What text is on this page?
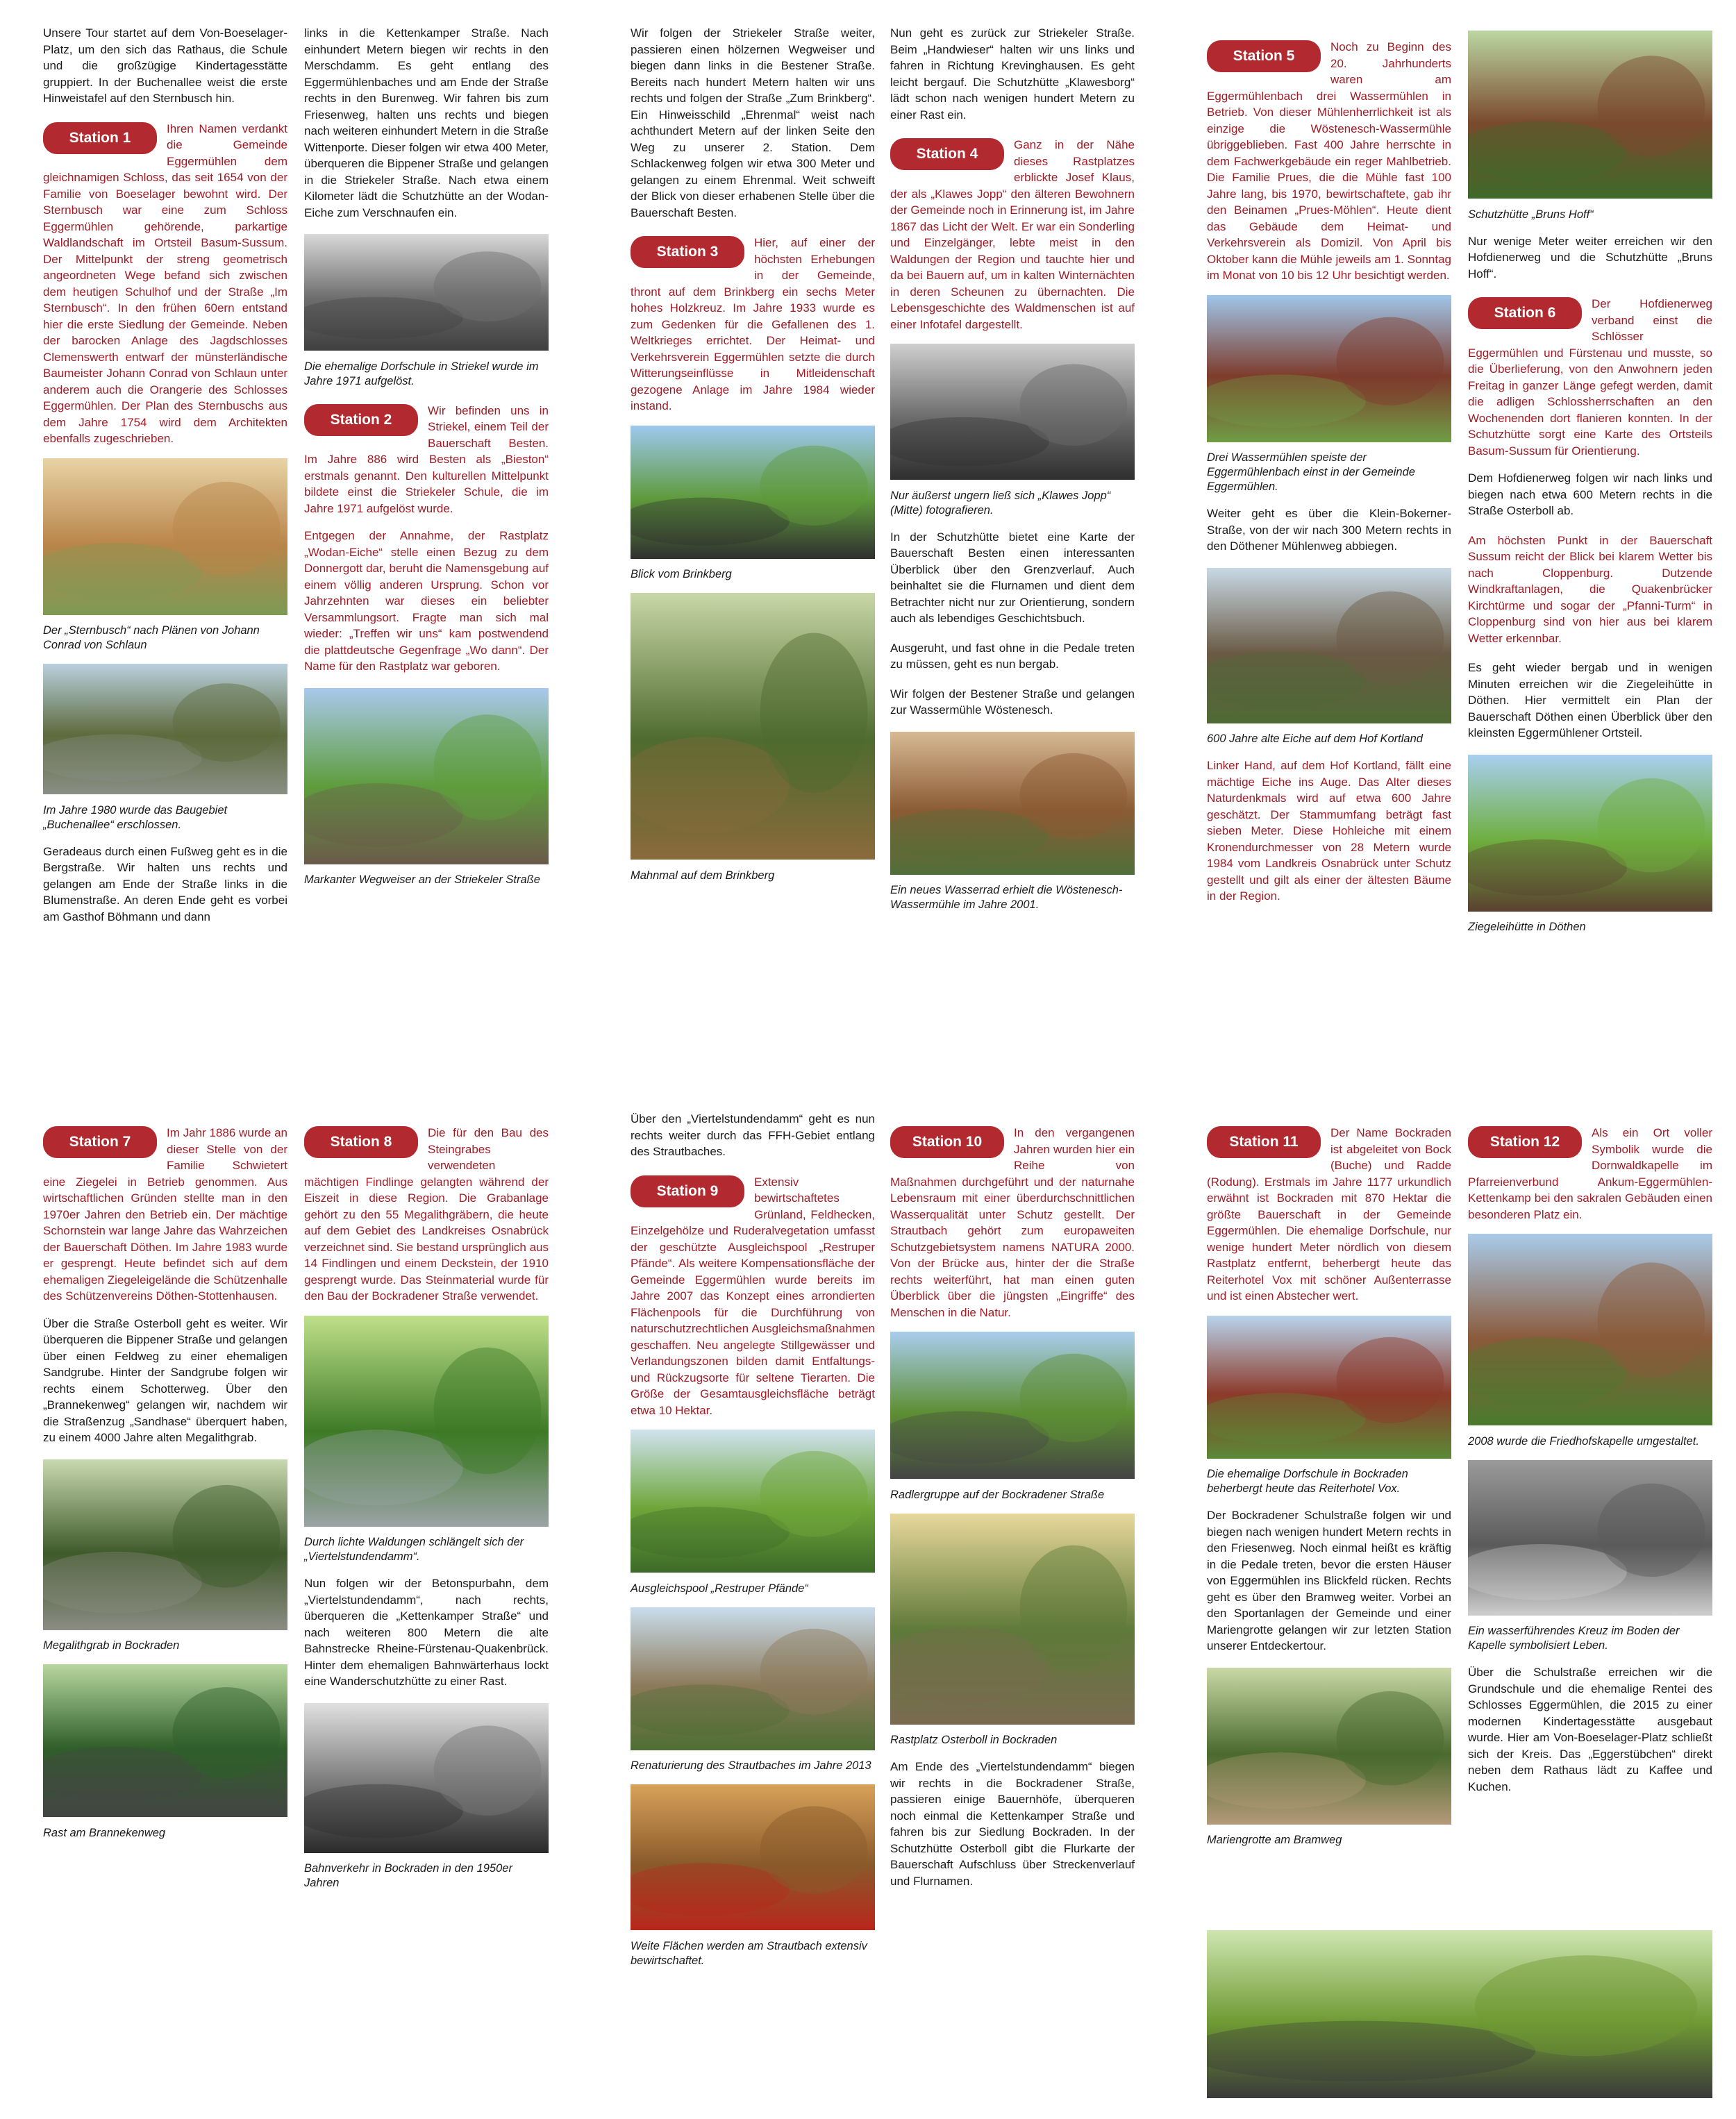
Unsere Tour startet auf dem Von-Boeselager-Platz, um den sich das Rathaus, die Schule und die großzügige Kindertagesstätte gruppiert. In der Buchenallee weist die erste Hinweistafel auf den Sternbusch hin.

Station 1
Ihren Namen verdankt die Gemeinde Eggermühlen dem gleichnamigen Schloss, das seit 1654 von der Familie von Boeselager bewohnt wird. Der Sternbusch war eine zum Schloss Eggermühlen gehörende, parkartige Waldlandschaft im Ortsteil Basum-Sussum. Der Mittelpunkt der streng geometrisch angeordneten Wege befand sich zwischen dem heutigen Schulhof und der Straße „Im Sternbusch“. In den frühen 60ern entstand hier die erste Siedlung der Gemeinde. Neben der barocken Anlage des Jagdschlosses Clemenswerth entwarf der münsterländische Baumeister Johann Conrad von Schlaun unter anderem auch die Orangerie des Schlosses Eggermühlen. Der Plan des Sternbuschs aus dem Jahre 1754 wird dem Architekten ebenfalls zugeschrieben.

Der „Sternbusch“ nach Plänen von Johann Conrad von Schlaun

Im Jahre 1980 wurde das Baugebiet „Buchenallee“ erschlossen.

Geradeaus durch einen Fußweg geht es in die Bergstraße. Wir halten uns rechts und gelangen am Ende der Straße links in die Blumenstraße. An deren Ende geht es vorbei am Gasthof Böhmann und dann

links in die Kettenkamper Straße. Nach einhundert Metern biegen wir rechts in den Merschdamm. Es geht entlang des Eggermühlenbaches und am Ende der Straße rechts in den Burenweg. Wir fahren bis zum Friesenweg, halten uns rechts und biegen nach weiteren einhundert Metern in die Straße Wittenporte. Dieser folgen wir etwa 400 Meter, überqueren die Bippener Straße und gelangen in die Striekeler Straße. Nach etwa einem Kilometer lädt die Schutzhütte an der Wodan-Eiche zum Verschnaufen ein.

Die ehemalige Dorfschule in Striekel wurde im Jahre 1971 aufgelöst.

Station 2
Wir befinden uns in Striekel, einem Teil der Bauerschaft Besten. Im Jahre 886 wird Besten als „Bieston“ erstmals genannt. Den kulturellen Mittelpunkt bildete einst die Striekeler Schule, die im Jahre 1971 aufgelöst wurde.

Entgegen der Annahme, der Rastplatz „Wodan-Eiche“ stelle einen Bezug zu dem Donnergott dar, beruht die Namensgebung auf einem völlig anderen Ursprung. Schon vor Jahrzehnten war dieses ein beliebter Versammlungsort. Fragte man sich mal wieder: „Treffen wir uns“ kam postwendend die plattdeutsche Gegenfrage „Wo dann“. Der Name für den Rastplatz war geboren.

Markanter Wegweiser an der Striekeler Straße

Wir folgen der Striekeler Straße weiter, passieren einen hölzernen Wegweiser und biegen dann links in die Bestener Straße. Bereits nach hundert Metern halten wir uns rechts und folgen der Straße „Zum Brinkberg“. Ein Hinweisschild „Ehrenmal“ weist nach achthundert Metern auf der linken Seite den Weg zu unserer 2. Station. Dem Schlackenweg folgen wir etwa 300 Meter und gelangen zu einem Ehrenmal. Weit schweift der Blick von dieser erhabenen Stelle über die Bauerschaft Besten.

Station 3
Hier, auf einer der höchsten Erhebungen in der Gemeinde, thront auf dem Brinkberg ein sechs Meter hohes Holzkreuz. Im Jahre 1933 wurde es zum Gedenken für die Gefallenen des 1. Weltkrieges errichtet. Der Heimat- und Verkehrsverein Eggermühlen setzte die durch Witterungseinflüsse in Mitleidenschaft gezogene Anlage im Jahre 1984 wieder instand.

Blick vom Brinkberg

Mahnmal auf dem Brinkberg

Nun geht es zurück zur Striekeler Straße. Beim „Handwieser“ halten wir uns links und fahren in Richtung Krevinghausen. Es geht leicht bergauf. Die Schutzhütte „Klawesborg“ lädt schon nach wenigen hundert Metern zu einer Rast ein.

Station 4
Ganz in der Nähe dieses Rastplatzes erblickte Josef Klaus, der als „Klawes Jopp“ den älteren Bewohnern der Gemeinde noch in Erinnerung ist, im Jahre 1867 das Licht der Welt. Er war ein Sonderling und Einzelgänger, lebte meist in den Waldungen der Region und tauchte hier und da bei Bauern auf, um in kalten Winternächten in deren Scheunen zu übernachten. Die Lebensgeschichte des Waldmenschen ist auf einer Infotafel dargestellt.

Nur äußerst ungern ließ sich „Klawes Jopp“ (Mitte) fotografieren.

In der Schutzhütte bietet eine Karte der Bauerschaft Besten einen interessanten Überblick über den Grenzverlauf. Auch beinhaltet sie die Flurnamen und dient dem Betrachter nicht nur zur Orientierung, sondern auch als lebendiges Geschichtsbuch.

Ausgeruht, und fast ohne in die Pedale treten zu müssen, geht es nun bergab.

Wir folgen der Bestener Straße und gelangen zur Wassermühle Wöstenesch.

Ein neues Wasserrad erhielt die Wöstenesch-Wassermühle im Jahre 2001.

Station 5
Noch zu Beginn des 20. Jahrhunderts waren am Eggermühlenbach drei Wassermühlen in Betrieb. Von dieser Mühlenherrlichkeit ist als einzige die Wöstenesch-Wassermühle übriggeblieben. Fast 400 Jahre herrschte in dem Fachwerkgebäude ein reger Mahlbetrieb. Die Familie Prues, die die Mühle fast 100 Jahre lang, bis 1970, bewirtschaftete, gab ihr den Beinamen „Prues-Möhlen“. Heute dient das Gebäude dem Heimat- und Verkehrsverein als Domizil. Von April bis Oktober kann die Mühle jeweils am 1. Sonntag im Monat von 10 bis 12 Uhr besichtigt werden.

Drei Wassermühlen speiste der Eggermühlenbach einst in der Gemeinde Eggermühlen.

Weiter geht es über die Klein-Bokerner-Straße, von der wir nach 300 Metern rechts in den Döthener Mühlenweg abbiegen.

600 Jahre alte Eiche auf dem Hof Kortland

Linker Hand, auf dem Hof Kortland, fällt eine mächtige Eiche ins Auge. Das Alter dieses Naturdenkmals wird auf etwa 600 Jahre geschätzt. Der Stammumfang beträgt fast sieben Meter. Diese Hohleiche mit einem Kronendurchmesser von 28 Metern wurde 1984 vom Landkreis Osnabrück unter Schutz gestellt und gilt als einer der ältesten Bäume in der Region.

Schutzhütte „Bruns Hoff“

Nur wenige Meter weiter erreichen wir den Hofdienerweg und die Schutzhütte „Bruns Hoff“.

Station 6
Der Hofdienerweg verband einst die Schlösser Eggermühlen und Fürstenau und musste, so die Überlieferung, von den Anwohnern jeden Freitag in ganzer Länge gefegt werden, damit die adligen Schlossherrschaften an den Wochenenden dort flanieren konnten. In der Schutzhütte sorgt eine Karte des Ortsteils Basum-Sussum für Orientierung.

Dem Hofdienerweg folgen wir nach links und biegen nach etwa 600 Metern rechts in die Straße Osterboll ab.

Am höchsten Punkt in der Bauerschaft Sussum reicht der Blick bei klarem Wetter bis nach Cloppenburg. Dutzende Windkraftanlagen, die Quakenbrücker Kirchtürme und sogar der „Pfanni-Turm“ in Cloppenburg sind von hier aus bei klarem Wetter erkennbar.

Es geht wieder bergab und in wenigen Minuten erreichen wir die Ziegeleihütte in Döthen. Hier vermittelt ein Plan der Bauerschaft Döthen einen Überblick über den kleinsten Eggermühlener Ortsteil.

Ziegeleihütte in Döthen

Station 7
Im Jahr 1886 wurde an dieser Stelle von der Familie Schwietert eine Ziegelei in Betrieb genommen. Aus wirtschaftlichen Gründen stellte man in den 1970er Jahren den Betrieb ein. Der mächtige Schornstein war lange Jahre das Wahrzeichen der Bauerschaft Döthen. Im Jahre 1983 wurde er gesprengt. Heute befindet sich auf dem ehemaligen Ziegeleigelände die Schützenhalle des Schützenvereins Döthen-Stottenhausen.

Über die Straße Osterboll geht es weiter. Wir überqueren die Bippener Straße und gelangen über einen Feldweg zu einer ehemaligen Sandgrube. Hinter der Sandgrube folgen wir rechts einem Schotterweg. Über den „Brannekenweg“ gelangen wir, nachdem wir die Straßenzug „Sandhase“ überquert haben, zu einem 4000 Jahre alten Megalithgrab.

Megalithgrab in Bockraden

Rast am Brannekenweg

Station 8
Die für den Bau des Steingrabes verwendeten mächtigen Findlinge gelangten während der Eiszeit in diese Region. Die Grabanlage gehört zu den 55 Megalithgräbern, die heute auf dem Gebiet des Landkreises Osnabrück verzeichnet sind. Sie bestand ursprünglich aus 14 Findlingen und einem Deckstein, der 1910 gesprengt wurde. Das Steinmaterial wurde für den Bau der Bockradener Straße verwendet.

Durch lichte Waldungen schlängelt sich der „Viertelstundendamm“.

Nun folgen wir der Betonspurbahn, dem „Viertelstundendamm“, nach rechts, überqueren die „Kettenkamper Straße“ und nach weiteren 800 Metern die alte Bahnstrecke Rheine-Fürstenau-Quakenbrück. Hinter dem ehemaligen Bahnwärterhaus lockt eine Wanderschutzhütte zu einer Rast.

Bahnverkehr in Bockraden in den 1950er Jahren

Über den „Viertelstundendamm“ geht es nun rechts weiter durch das FFH-Gebiet entlang des Strautbaches.

Station 9
Extensiv bewirtschaftetes Grünland, Feldhecken, Einzelgehölze und Ruderalvegetation umfasst der geschützte Ausgleichspool „Restruper Pfände“. Als weitere Kompensationsfläche der Gemeinde Eggermühlen wurde bereits im Jahre 2007 das Konzept eines arrondierten Flächenpools für die Durchführung von naturschutzrechtlichen Ausgleichsmaßnahmen geschaffen. Neu angelegte Stillgewässer und Verlandungszonen bilden damit Entfaltungs- und Rückzugsorte für seltene Tierarten. Die Größe der Gesamtausgleichsfläche beträgt etwa 10 Hektar.

Ausgleichspool „Restruper Pfände“

Renaturierung des Strautbaches im Jahre 2013

Weite Flächen werden am Strautbach extensiv bewirtschaftet.

Station 10
In den vergangenen Jahren wurden hier ein Reihe von Maßnahmen durchgeführt und der naturnahe Lebensraum mit einer überdurchschnittlichen Wasserqualität unter Schutz gestellt. Der Strautbach gehört zum europaweiten Schutzgebietsystem namens NATURA 2000. Von der Brücke aus, hinter der die Straße rechts weiterführt, hat man einen guten Überblick über die jüngsten „Eingriffe“ des Menschen in die Natur.

Radlergruppe auf der Bockradener Straße

Rastplatz Osterboll in Bockraden

Am Ende des „Viertelstundendamm“ biegen wir rechts in die Bockradener Straße, passieren einige Bauernhöfe, überqueren noch einmal die Kettenkamper Straße und fahren bis zur Siedlung Bockraden. In der Schutzhütte Osterboll gibt die Flurkarte der Bauerschaft Aufschluss über Streckenverlauf und Flurnamen.

Station 11
Der Name Bockraden ist abgeleitet von Bock (Buche) und Radde (Rodung). Erstmals im Jahre 1177 urkundlich erwähnt ist Bockraden mit 870 Hektar die größte Bauerschaft in der Gemeinde Eggermühlen. Die ehemalige Dorfschule, nur wenige hundert Meter nördlich von diesem Rastplatz entfernt, beherbergt heute das Reiterhotel Vox mit schöner Außenterrasse und ist einen Abstecher wert.

Die ehemalige Dorfschule in Bockraden beherbergt heute das Reiterhotel Vox.

Der Bockradener Schulstraße folgen wir und biegen nach wenigen hundert Metern rechts in den Friesenweg. Noch einmal heißt es kräftig in die Pedale treten, bevor die ersten Häuser von Eggermühlen ins Blickfeld rücken. Rechts geht es über den Bramweg weiter. Vorbei an den Sportanlagen der Gemeinde und einer Mariengrotte gelangen wir zur letzten Station unserer Entdeckertour.

Mariengrotte am Bramweg

Station 12
Als ein Ort voller Symbolik wurde die Dornwaldkapelle im Pfarreienverbund Ankum-Eggermühlen-Kettenkamp bei den sakralen Gebäuden einen besonderen Platz ein.

2008 wurde die Friedhofskapelle umgestaltet.

Ein wasserführendes Kreuz im Boden der Kapelle symbolisiert Leben.

Über die Schulstraße erreichen wir die Grundschule und die ehemalige Rentei des Schlosses Eggermühlen, die 2015 zu einer modernen Kindertagesstätte ausgebaut wurde. Hier am Von-Boeselager-Platz schließt sich der Kreis. Das „Eggerstübchen“ direkt neben dem Rathaus lädt zu Kaffee und Kuchen.
